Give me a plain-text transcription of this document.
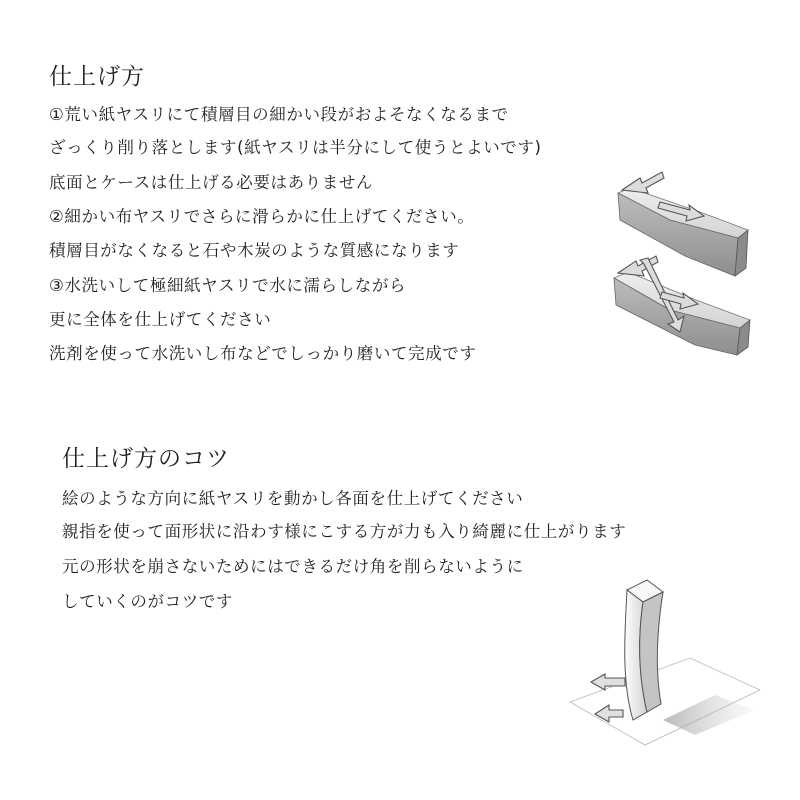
仕上げ方
①荒い紙ヤスリにて積層目の細かい段がおよそなくなるまで
ざっくり削り落とします(紙ヤスリは半分にして使うとよいです)
底面とケースは仕上げる必要はありません
②細かい布ヤスリでさらに滑らかに仕上げてください。
積層目がなくなると石や木炭のような質感になります
③水洗いして極細紙ヤスリで水に濡らしながら
更に全体を仕上げてください
洗剤を使って水洗いし布などでしっかり磨いて完成です
仕上げ方のコツ
絵のような方向に紙ヤスリを動かし各面を仕上げてください
親指を使って面形状に沿わす様にこする方が力も入り綺麗に仕上がります
元の形状を崩さないためにはできるだけ角を削らないように
していくのがコツです
